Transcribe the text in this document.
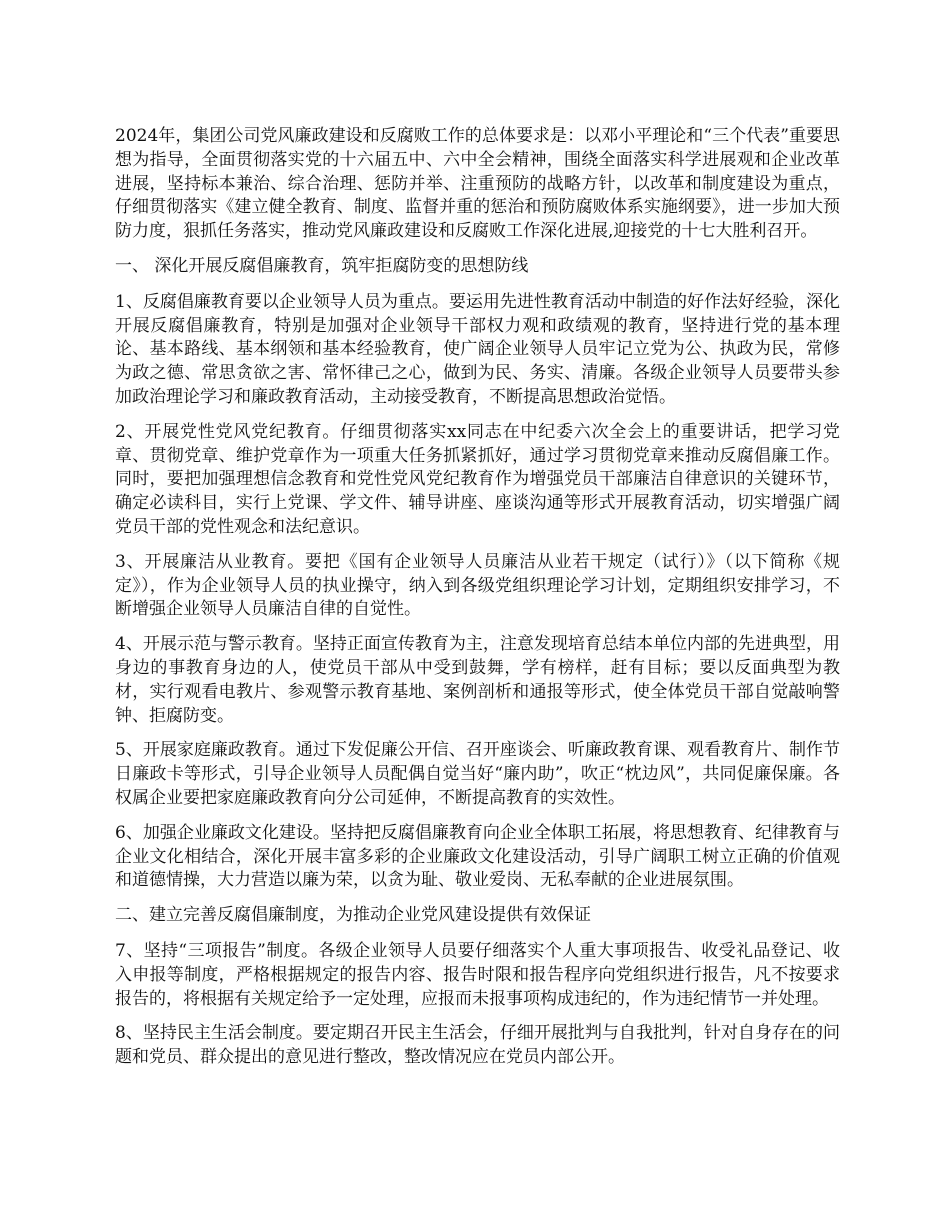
2024年，集团公司党风廉政建设和反腐败工作的总体要求是：以邓小平理论和“三个代表”重要思想为指导，全面贯彻落实党的十六届五中、六中全会精神，围绕全面落实科学进展观和企业改革进展，坚持标本兼治、综合治理、惩防并举、注重预防的战略方针，以改革和制度建设为重点，仔细贯彻落实《建立健全教育、制度、监督并重的惩治和预防腐败体系实施纲要》，进一步加大预防力度，狠抓任务落实，推动党风廉政建设和反腐败工作深化进展,迎接党的十七大胜利召开。

一、 深化开展反腐倡廉教育，筑牢拒腐防变的思想防线

1、反腐倡廉教育要以企业领导人员为重点。要运用先进性教育活动中制造的好作法好经验，深化开展反腐倡廉教育，特别是加强对企业领导干部权力观和政绩观的教育，坚持进行党的基本理论、基本路线、基本纲领和基本经验教育，使广阔企业领导人员牢记立党为公、执政为民，常修为政之德、常思贪欲之害、常怀律己之心，做到为民、务实、清廉。各级企业领导人员要带头参加政治理论学习和廉政教育活动，主动接受教育，不断提高思想政治觉悟。

2、开展党性党风党纪教育。仔细贯彻落实xx同志在中纪委六次全会上的重要讲话，把学习党章、贯彻党章、维护党章作为一项重大任务抓紧抓好，通过学习贯彻党章来推动反腐倡廉工作。同时，要把加强理想信念教育和党性党风党纪教育作为增强党员干部廉洁自律意识的关键环节，确定必读科目，实行上党课、学文件、辅导讲座、座谈沟通等形式开展教育活动，切实增强广阔党员干部的党性观念和法纪意识。

3、开展廉洁从业教育。要把《国有企业领导人员廉洁从业若干规定（试行）》（以下简称《规定》），作为企业领导人员的执业操守，纳入到各级党组织理论学习计划，定期组织安排学习，不断增强企业领导人员廉洁自律的自觉性。

4、开展示范与警示教育。坚持正面宣传教育为主，注意发现培育总结本单位内部的先进典型，用身边的事教育身边的人，使党员干部从中受到鼓舞，学有榜样，赶有目标；要以反面典型为教材，实行观看电教片、参观警示教育基地、案例剖析和通报等形式，使全体党员干部自觉敲响警钟、拒腐防变。

5、开展家庭廉政教育。通过下发促廉公开信、召开座谈会、听廉政教育课、观看教育片、制作节日廉政卡等形式，引导企业领导人员配偶自觉当好“廉内助”，吹正“枕边风”，共同促廉保廉。各权属企业要把家庭廉政教育向分公司延伸，不断提高教育的实效性。

6、加强企业廉政文化建设。坚持把反腐倡廉教育向企业全体职工拓展，将思想教育、纪律教育与企业文化相结合，深化开展丰富多彩的企业廉政文化建设活动，引导广阔职工树立正确的价值观和道德情操，大力营造以廉为荣，以贪为耻、敬业爱岗、无私奉献的企业进展氛围。

二、建立完善反腐倡廉制度，为推动企业党风建设提供有效保证

7、坚持“三项报告”制度。各级企业领导人员要仔细落实个人重大事项报告、收受礼品登记、收入申报等制度，严格根据规定的报告内容、报告时限和报告程序向党组织进行报告，凡不按要求报告的，将根据有关规定给予一定处理，应报而未报事项构成违纪的，作为违纪情节一并处理。

8、坚持民主生活会制度。要定期召开民主生活会，仔细开展批判与自我批判，针对自身存在的问题和党员、群众提出的意见进行整改，整改情况应在党员内部公开。
